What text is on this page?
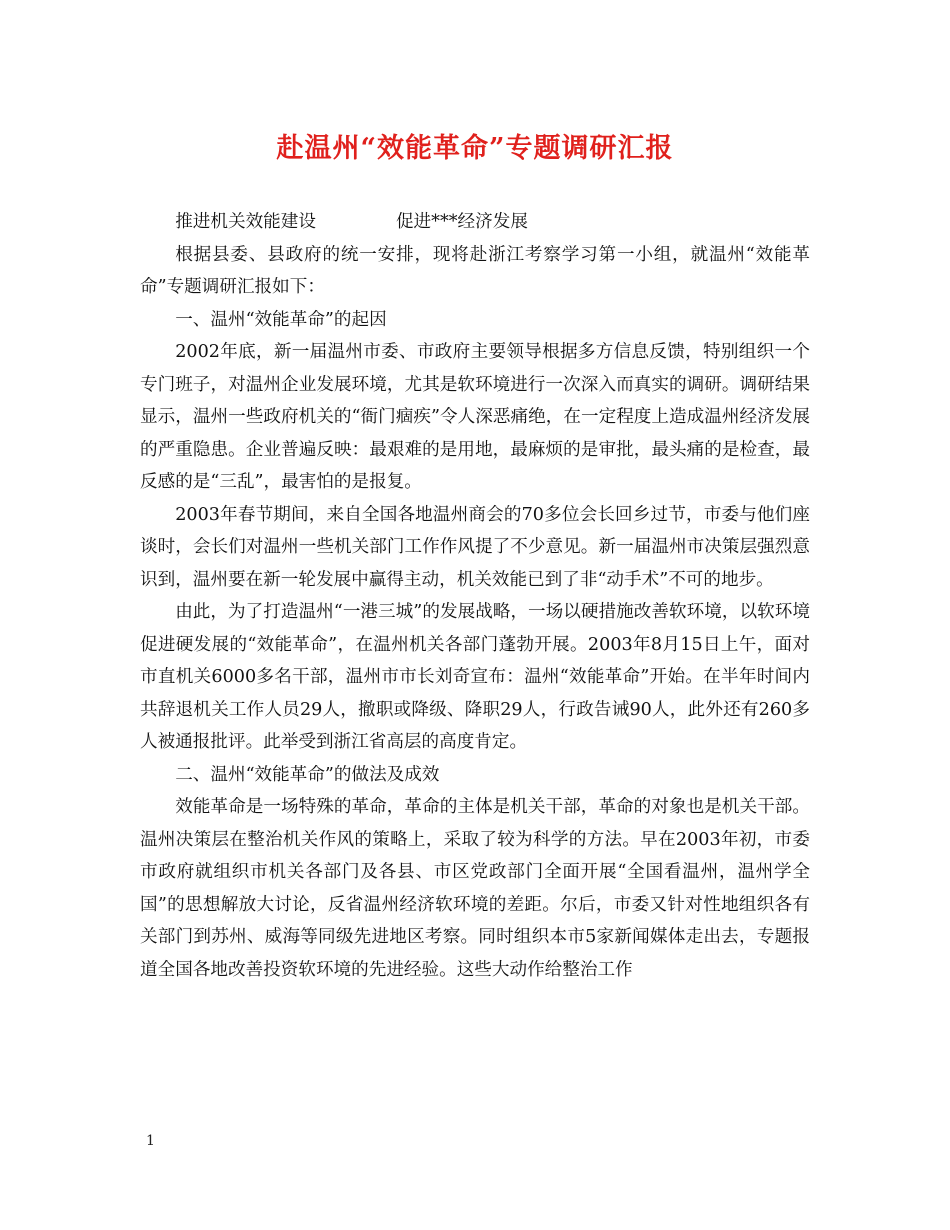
赴温州“效能革命”专题调研汇报

推进机关效能建设	促进***经济发展

根据县委、县政府的统一安排，现将赴浙江考察学习第一小组，就温州“效能革命”专题调研汇报如下：

一、温州“效能革命”的起因

2002年底，新一届温州市委、市政府主要领导根据多方信息反馈，特别组织一个专门班子，对温州企业发展环境，尤其是软环境进行一次深入而真实的调研。调研结果显示，温州一些政府机关的“衙门痼疾”令人深恶痛绝，在一定程度上造成温州经济发展的严重隐患。企业普遍反映：最艰难的是用地，最麻烦的是审批，最头痛的是检查，最反感的是“三乱”，最害怕的是报复。

2003年春节期间，来自全国各地温州商会的70多位会长回乡过节，市委与他们座谈时，会长们对温州一些机关部门工作作风提了不少意见。新一届温州市决策层强烈意识到，温州要在新一轮发展中赢得主动，机关效能已到了非“动手术”不可的地步。

由此，为了打造温州“一港三城”的发展战略，一场以硬措施改善软环境，以软环境促进硬发展的“效能革命”，在温州机关各部门蓬勃开展。2003年8月15日上午，面对市直机关6000多名干部，温州市市长刘奇宣布：温州“效能革命”开始。在半年时间内共辞退机关工作人员29人，撤职或降级、降职29人，行政告诫90人，此外还有260多人被通报批评。此举受到浙江省高层的高度肯定。

二、温州“效能革命”的做法及成效

效能革命是一场特殊的革命，革命的主体是机关干部，革命的对象也是机关干部。温州决策层在整治机关作风的策略上，采取了较为科学的方法。早在2003年初，市委市政府就组织市机关各部门及各县、市区党政部门全面开展“全国看温州，温州学全国”的思想解放大讨论，反省温州经济软环境的差距。尔后，市委又针对性地组织各有关部门到苏州、威海等同级先进地区考察。同时组织本市5家新闻媒体走出去，专题报道全国各地改善投资软环境的先进经验。这些大动作给整治工作

1
